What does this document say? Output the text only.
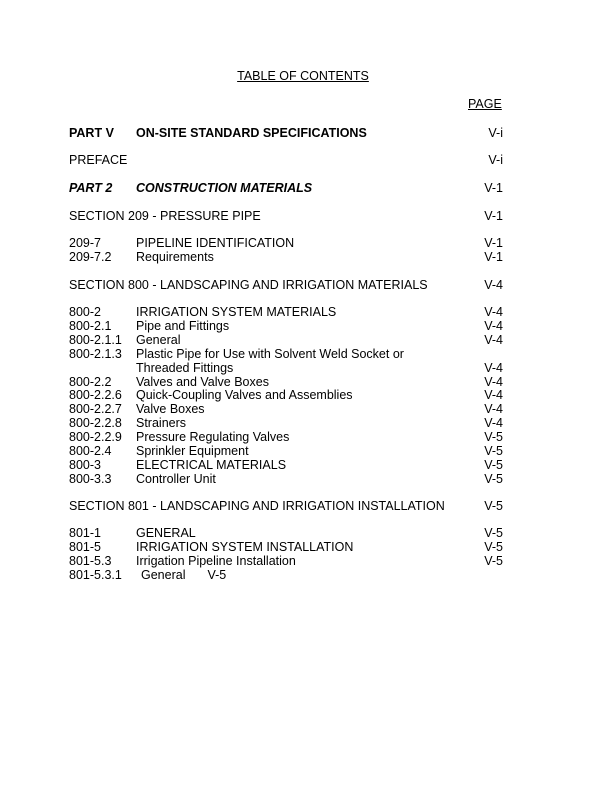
TABLE OF CONTENTS
PAGE
PART V ON-SITE STANDARD SPECIFICATIONS	V-i
PREFACE	V-i
PART 2 CONSTRUCTION MATERIALS	V-1
SECTION 209 - PRESSURE PIPE	V-1
209-7	PIPELINE IDENTIFICATION	V-1
209-7.2 Requirements	V-1
SECTION 800 - LANDSCAPING AND IRRIGATION MATERIALS	V-4
800-2	IRRIGATION SYSTEM MATERIALS	V-4
800-2.1 Pipe and Fittings	V-4
800-2.1.1 General	V-4
800-2.1.3 Plastic Pipe for Use with Solvent Weld Socket or
Threaded Fittings	V-4
800-2.2 Valves and Valve Boxes	V-4
800-2.2.6 Quick-Coupling Valves and Assemblies	V-4
800-2.2.7 Valve Boxes	V-4
800-2.2.8 Strainers	V-4
800-2.2.9 Pressure Regulating Valves	V-5
800-2.4 Sprinkler Equipment	V-5
800-3	ELECTRICAL MATERIALS	V-5
800-3.3 Controller Unit	V-5
SECTION 801 - LANDSCAPING AND IRRIGATION INSTALLATION	V-5
801-1	GENERAL	V-5
801-5	IRRIGATION SYSTEM INSTALLATION	V-5
801-5.3 Irrigation Pipeline Installation	V-5
801-5.3.1 General V-5
